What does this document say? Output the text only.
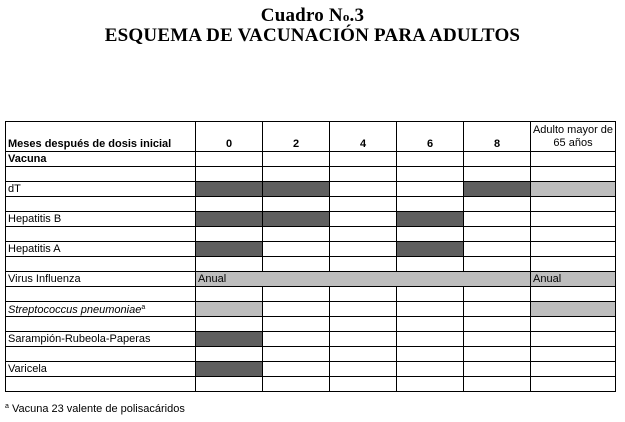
Cuadro No.3
ESQUEMA DE VACUNACIÓN PARA ADULTOS
Meses después de dosis inicial	0	2	4	6	8	Adulto mayor de 65 años
Vacuna						

dT						

Hepatitis B						

Hepatitis A						

Virus Influenza	Anual					Anual

Streptococcus pneumoniae$^a$						

Sarampión-Rubeola-Paperas						

Varicela						

$^a$ Vacuna 23 valente de polisacáridos
